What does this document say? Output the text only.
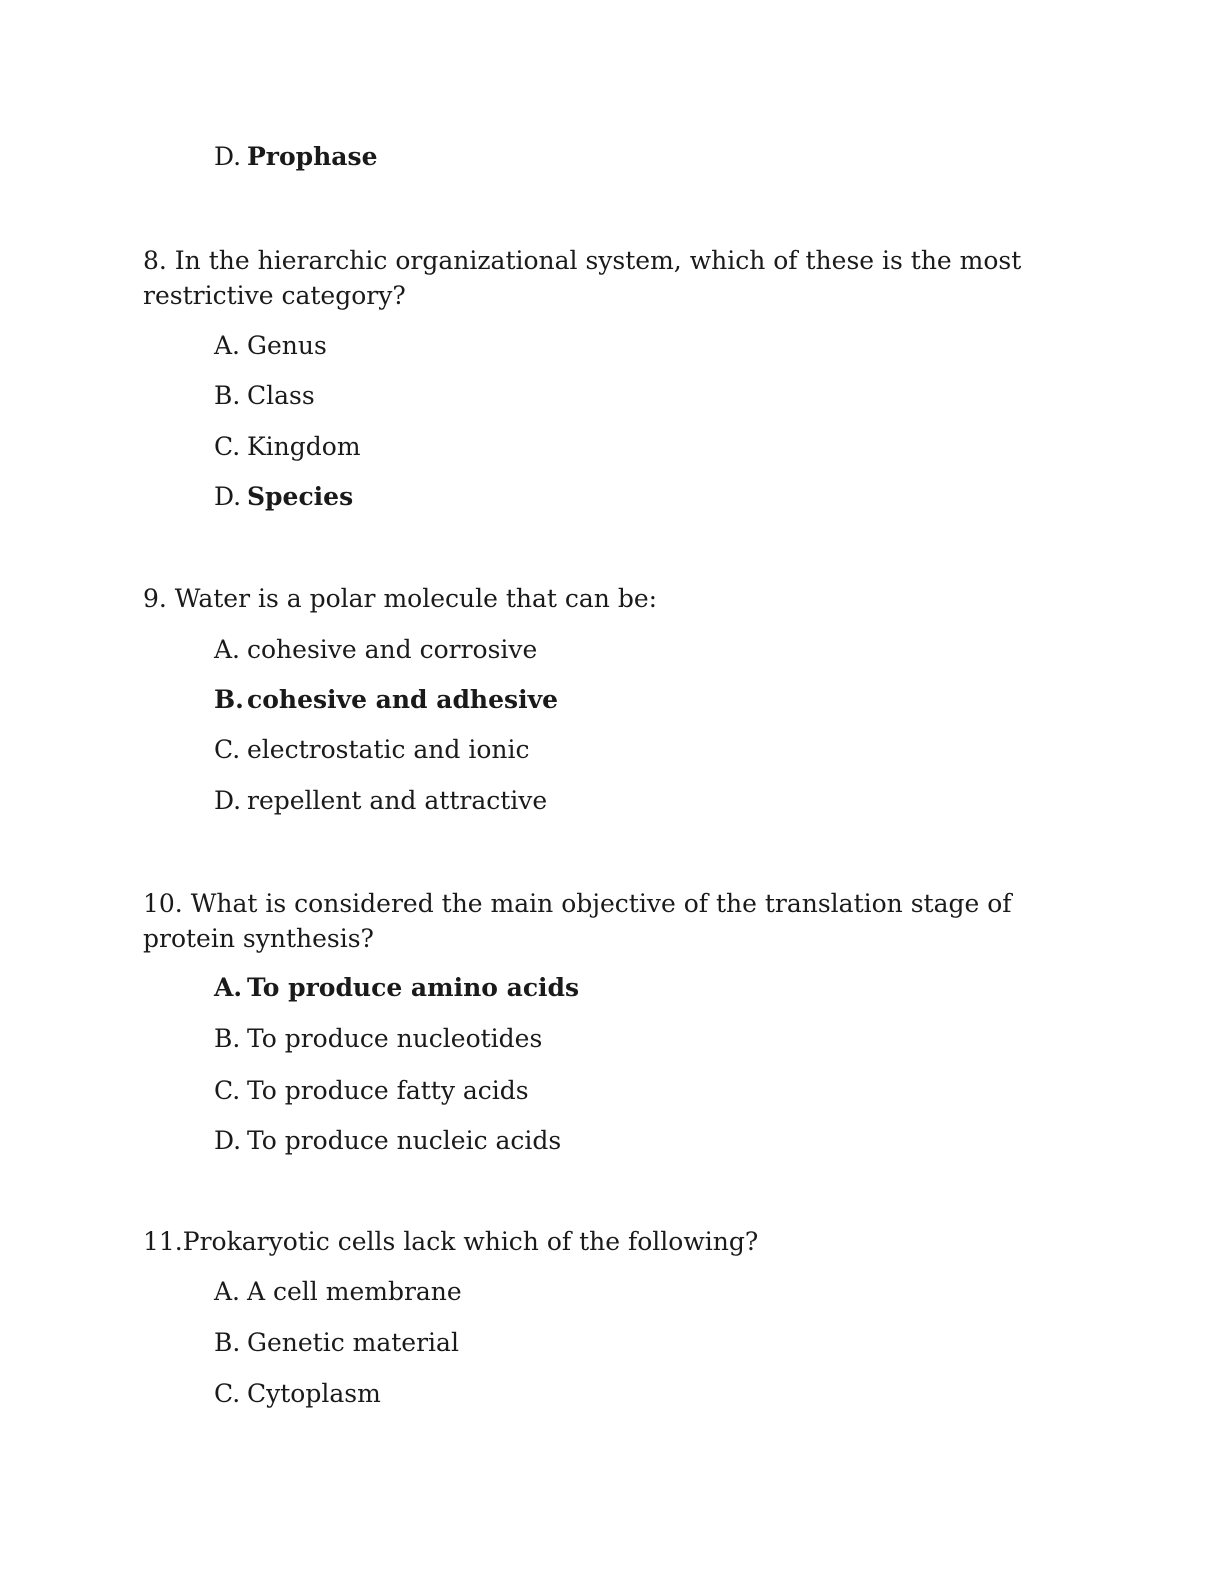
D. Prophase
8. In the hierarchic organizational system, which of these is the most
restrictive category?
A. Genus
B. Class
C. Kingdom
D. Species
9. Water is a polar molecule that can be:
A. cohesive and corrosive
B. cohesive and adhesive
C. electrostatic and ionic
D. repellent and attractive
10. What is considered the main objective of the translation stage of
protein synthesis?
A. To produce amino acids
B. To produce nucleotides
C. To produce fatty acids
D. To produce nucleic acids
11.Prokaryotic cells lack which of the following?
A. A cell membrane
B. Genetic material
C. Cytoplasm
